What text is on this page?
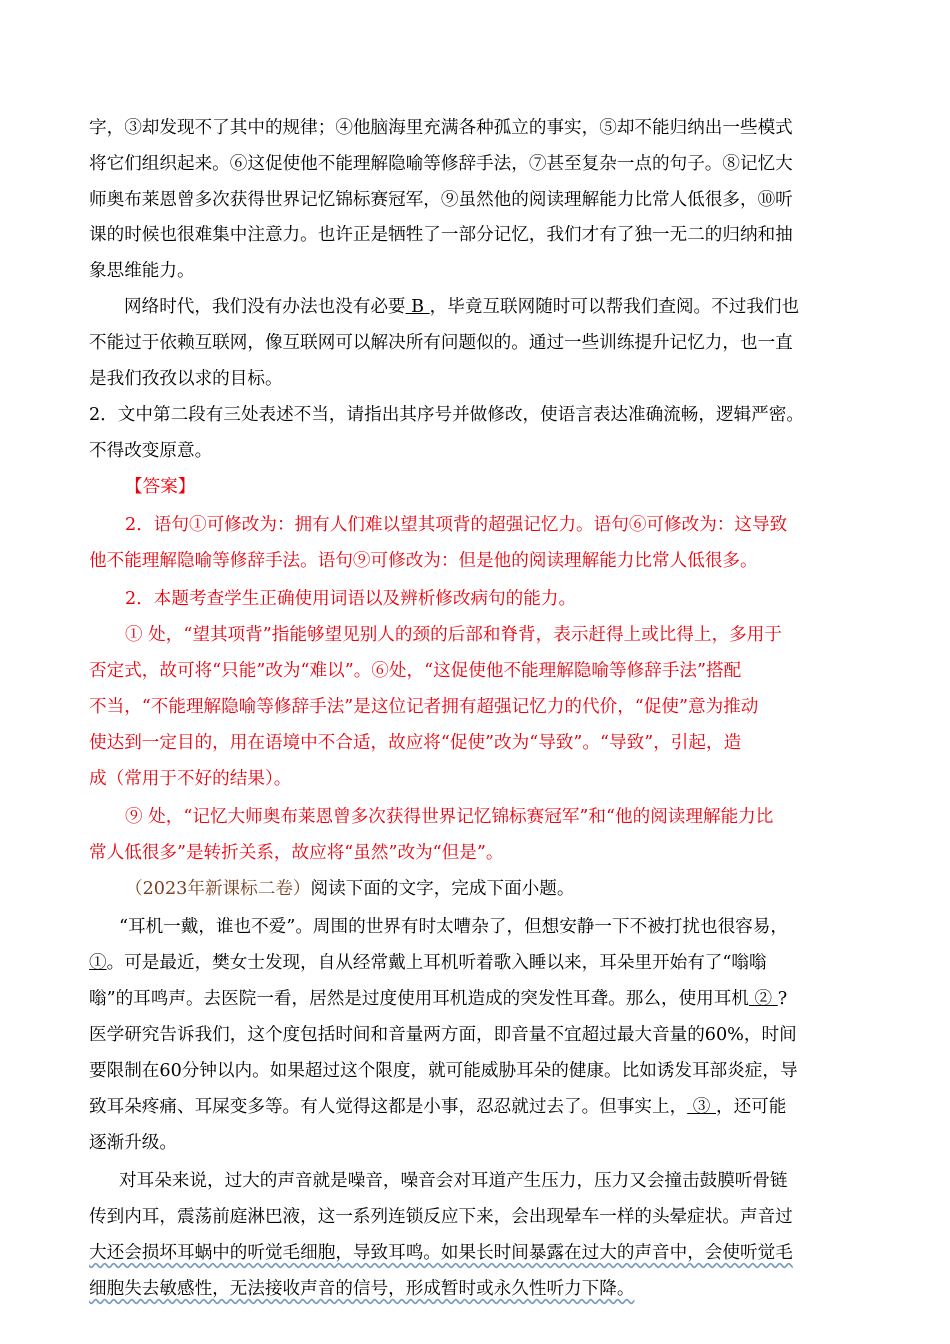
字，③却发现不了其中的规律；④他脑海里充满各种孤立的事实，⑤却不能归纳出一些模式
将它们组织起来。⑥这促使他不能理解隐喻等修辞手法，⑦甚至复杂一点的句子。⑧记忆大
师奥布莱恩曾多次获得世界记忆锦标赛冠军，⑨虽然他的阅读理解能力比常人低很多，⑩听
课的时候也很难集中注意力。也许正是牺牲了一部分记忆，我们才有了独一无二的归纳和抽
象思维能力。
网络时代，我们没有办法也没有必要 B ，毕竟互联网随时可以帮我们查阅。不过我们也
不能过于依赖互联网，像互联网可以解决所有问题似的。通过一些训练提升记忆力，也一直
是我们孜孜以求的目标。
2．文中第二段有三处表述不当，请指出其序号并做修改，使语言表达准确流畅，逻辑严密。
不得改变原意。
【答案】
2．语句①可修改为：拥有人们难以望其项背的超强记忆力。语句⑥可修改为：这导致
他不能理解隐喻等修辞手法。语句⑨可修改为：但是他的阅读理解能力比常人低很多。
2．本题考查学生正确使用词语以及辨析修改病句的能力。
① 处，“望其项背”指能够望见别人的颈的后部和脊背，表示赶得上或比得上，多用于
否定式，故可将“只能”改为“难以”。⑥处，“这促使他不能理解隐喻等修辞手法”搭配
不当，“不能理解隐喻等修辞手法”是这位记者拥有超强记忆力的代价，“促使”意为推动
使达到一定目的，用在语境中不合适，故应将“促使”改为“导致”。“导致”，引起，造
成（常用于不好的结果）。
⑨ 处，“记忆大师奥布莱恩曾多次获得世界记忆锦标赛冠军”和“他的阅读理解能力比
常人低很多”是转折关系，故应将“虽然”改为“但是”。
（2023年新课标二卷）阅读下面的文字，完成下面小题。
“耳机一戴，谁也不爱”。周围的世界有时太嘈杂了，但想安静一下不被打扰也很容易，
①。可是最近，樊女士发现，自从经常戴上耳机听着歌入睡以来，耳朵里开始有了“嗡嗡
嗡”的耳鸣声。去医院一看，居然是过度使用耳机造成的突发性耳聋。那么，使用耳机 ② ?
医学研究告诉我们，这个度包括时间和音量两方面，即音量不宜超过最大音量的60%，时间
要限制在60分钟以内。如果超过这个限度，就可能威胁耳朵的健康。比如诱发耳部炎症，导
致耳朵疼痛、耳屎变多等。有人觉得这都是小事，忍忍就过去了。但事实上， ③ ，还可能
逐渐升级。
对耳朵来说，过大的声音就是噪音，噪音会对耳道产生压力，压力又会撞击鼓膜听骨链
传到内耳，震荡前庭淋巴液，这一系列连锁反应下来，会出现晕车一样的头晕症状。声音过
大还会损坏耳蜗中的听觉毛细胞，导致耳鸣。如果长时间暴露在过大的声音中，会使听觉毛
细胞失去敏感性，无法接收声音的信号，形成暂时或永久性听力下降。
